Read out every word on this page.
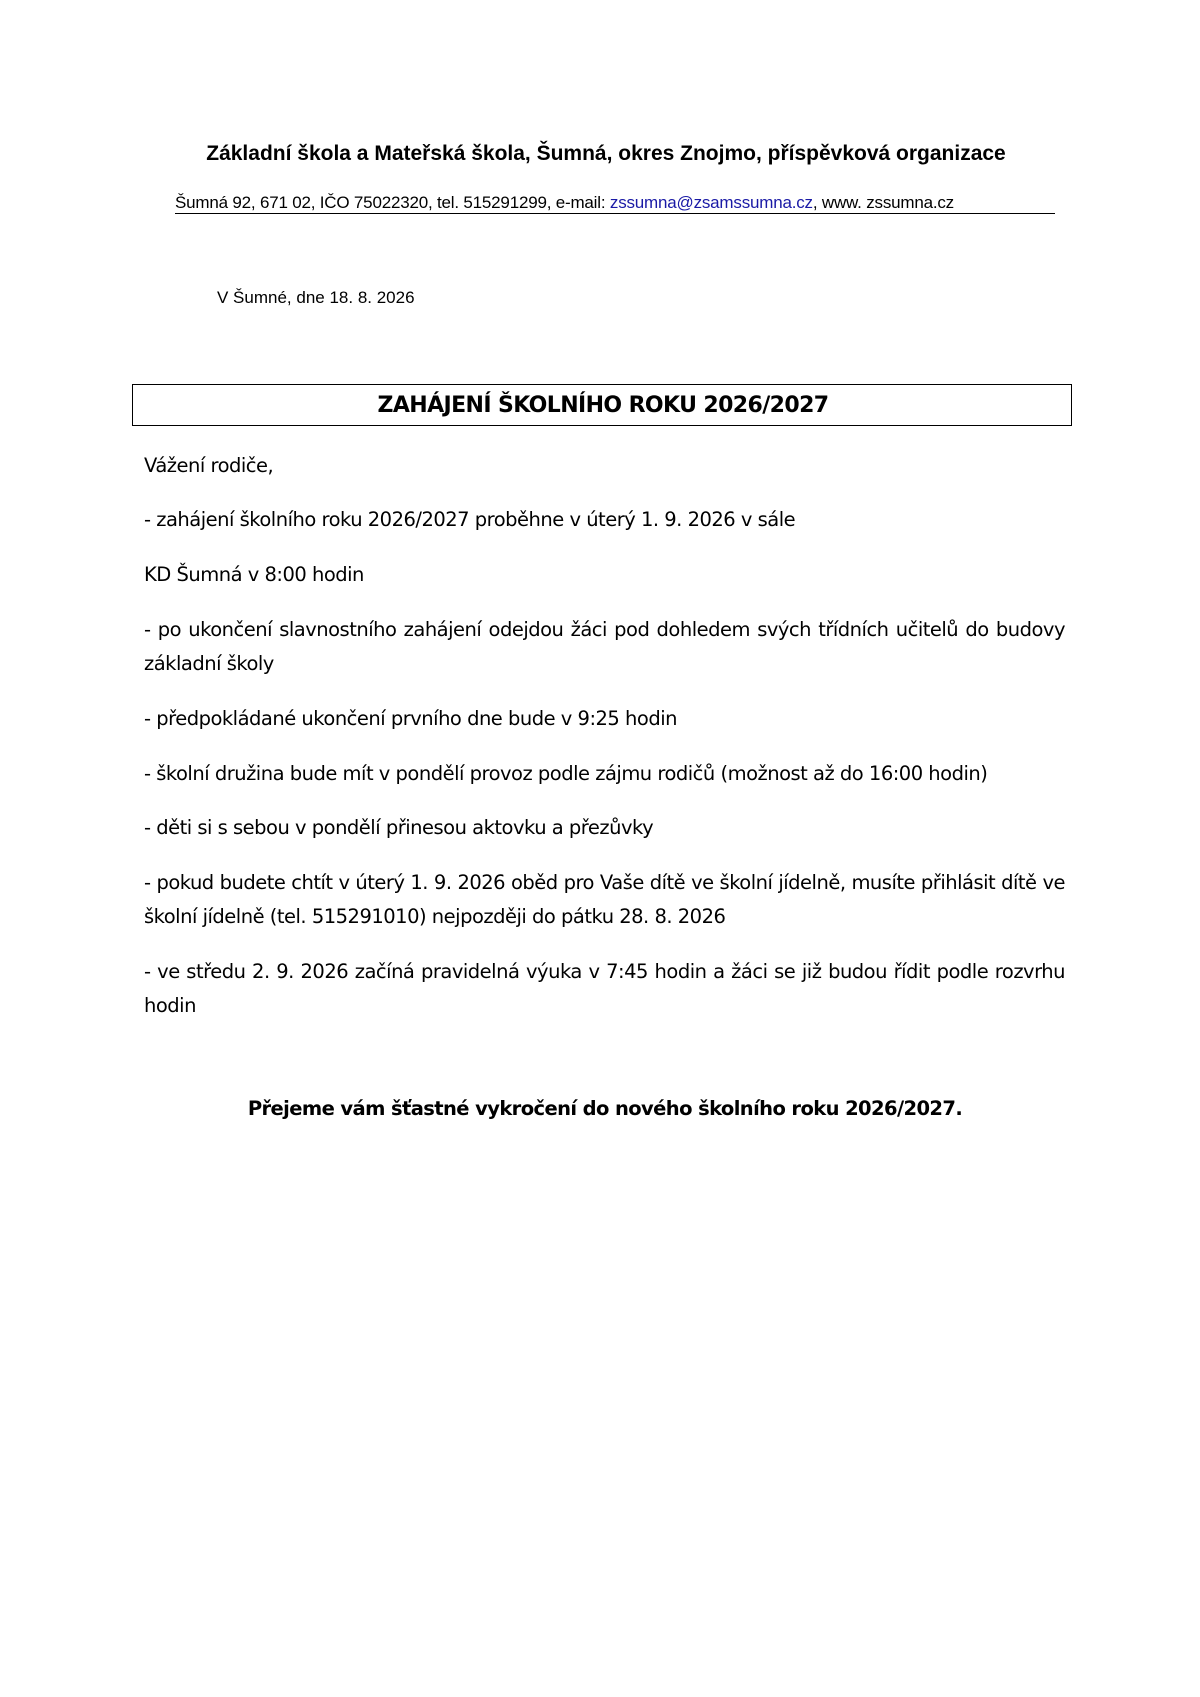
Základní škola a Mateřská škola, Šumná, okres Znojmo, příspěvková organizace
Šumná 92, 671 02, IČO 75022320, tel. 515291299, e-mail: zssumna@zsamssumna.cz, www. zssumna.cz
V Šumné, dne 18. 8. 2026
ZAHÁJENÍ ŠKOLNÍHO ROKU 2026/2027
Vážení rodiče,
- zahájení školního roku 2026/2027 proběhne v úterý 1. 9. 2026 v sále
KD Šumná v 8:00 hodin
- po ukončení slavnostního zahájení odejdou žáci pod dohledem svých třídních učitelů do budovy základní školy
- předpokládané ukončení prvního dne bude v 9:25 hodin
- školní družina bude mít v pondělí provoz podle zájmu rodičů (možnost až do 16:00 hodin)
- děti si s sebou v pondělí přinesou aktovku a přezůvky
- pokud budete chtít v úterý 1. 9. 2026 oběd pro Vaše dítě ve školní jídelně, musíte přihlásit dítě ve školní jídelně (tel. 515291010) nejpozději do pátku 28. 8. 2026
- ve středu 2. 9. 2026 začíná pravidelná výuka v 7:45 hodin a žáci se již budou řídit podle rozvrhu hodin
Přejeme vám šťastné vykročení do nového školního roku 2026/2027.
